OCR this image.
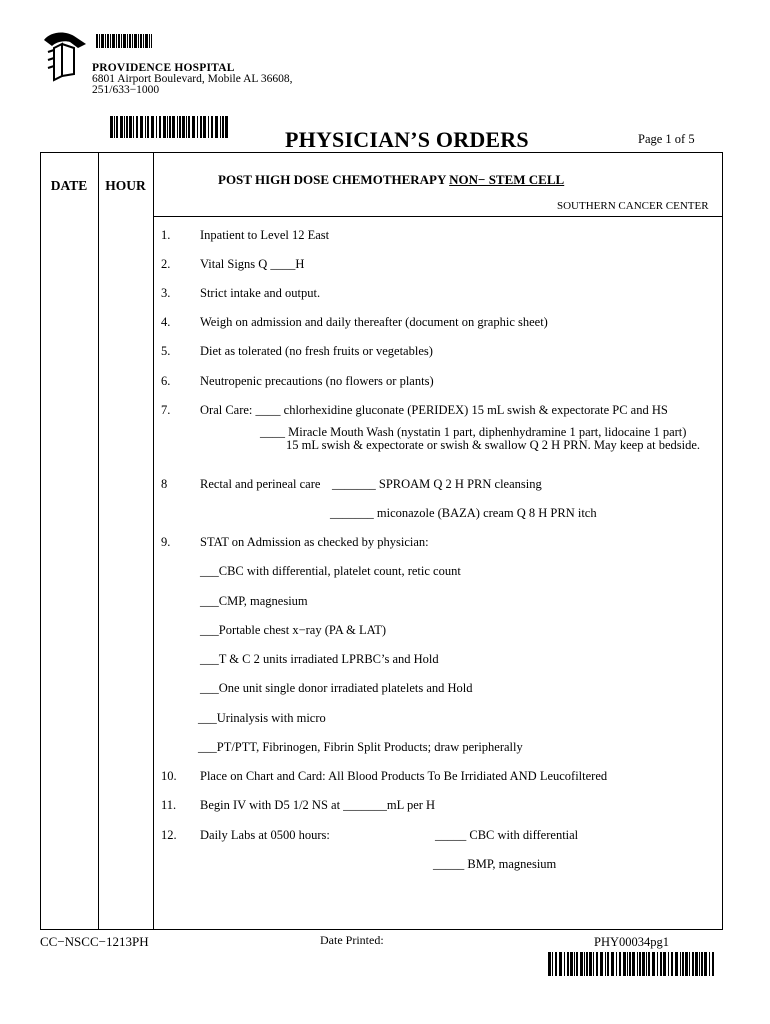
PROVIDENCE HOSPITAL
6801 Airport Boulevard, Mobile AL 36608,
251/633−1000
PHYSICIAN’S ORDERS	Page 1 of 5
DATE	HOUR	POST HIGH DOSE CHEMOTHERAPY NON− STEM CELL
SOUTHERN CANCER CENTER
1. Inpatient to Level 12 East
2. Vital Signs Q ____H
3. Strict intake and output.
4. Weigh on admission and daily thereafter (document on graphic sheet)
5. Diet as tolerated (no fresh fruits or vegetables)
6. Neutropenic precautions (no flowers or plants)
7. Oral Care: ____ chlorhexidine gluconate (PERIDEX) 15 mL swish & expectorate PC and HS
____ Miracle Mouth Wash (nystatin 1 part, diphenhydramine 1 part, lidocaine 1 part)
15 mL swish & expectorate or swish & swallow Q 2 H PRN. May keep at bedside.
8	Rectal and perineal care _______ SPROAM Q 2 H PRN cleansing
_______ miconazole (BAZA) cream Q 8 H PRN itch
9. STAT on Admission as checked by physician:
___CBC with differential, platelet count, retic count
___CMP, magnesium
___Portable chest x−ray (PA & LAT)
___T & C 2 units irradiated LPRBC’s and Hold
___One unit single donor irradiated platelets and Hold
___Urinalysis with micro
___PT/PTT, Fibrinogen, Fibrin Split Products; draw peripherally
10. Place on Chart and Card: All Blood Products To Be Irridiated AND Leucofiltered
11. Begin IV with D5 1/2 NS at _______mL per H
12. Daily Labs at 0500 hours:	_____ CBC with differential
_____ BMP, magnesium
CC−NSCC−1213PH	Date Printed:	PHY00034pg1
